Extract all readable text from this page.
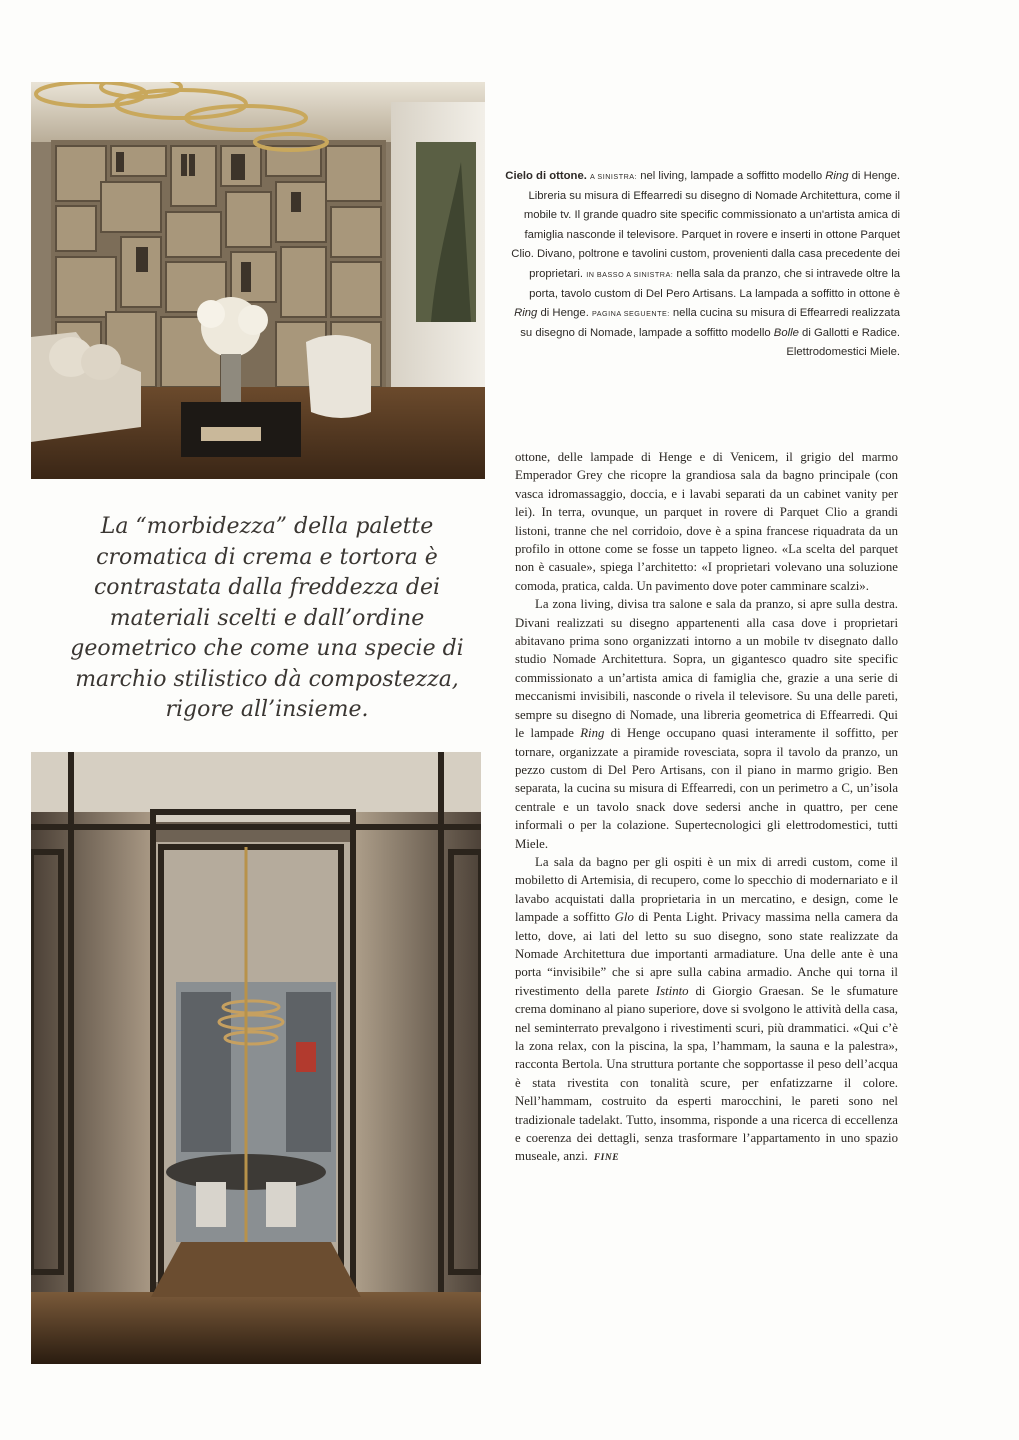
Cielo di ottone. A SINISTRA: nel living, lampade a soffitto modello Ring di Henge. Libreria su misura di Effearredi su disegno di Nomade Architettura, come il mobile tv. Il grande quadro site specific commissionato a un'artista amica di famiglia nasconde il televisore. Parquet in rovere e inserti in ottone Parquet Clio. Divano, poltrone e tavolini custom, provenienti dalla casa precedente dei proprietari. IN BASSO A SINISTRA: nella sala da pranzo, che si intravede oltre la porta, tavolo custom di Del Pero Artisans. La lampada a soffitto in ottone è Ring di Henge. PAGINA SEGUENTE: nella cucina su misura di Effearredi realizzata su disegno di Nomade, lampade a soffitto modello Bolle di Gallotti e Radice. Elettrodomestici Miele.
La “morbidezza” della palette cromatica di crema e tortora è contrastata dalla freddezza dei materiali scelti e dall’ordine geometrico che come una specie di marchio stilistico dà compostezza, rigore all’insieme.

ottone, delle lampade di Henge e di Venicem, il grigio del marmo Emperador Grey che ricopre la grandiosa sala da bagno principale (con vasca idromassaggio, doccia, e i lavabi separati da un cabinet vanity per lei). In terra, ovunque, un parquet in rovere di Parquet Clio a grandi listoni, tranne che nel corridoio, dove è a spina francese riquadrata da un profilo in ottone come se fosse un tappeto ligneo. «La scelta del parquet non è casuale», spiega l’architetto: «I proprietari volevano una soluzione comoda, pratica, calda. Un pavimento dove poter camminare scalzi».

La zona living, divisa tra salone e sala da pranzo, si apre sulla destra. Divani realizzati su disegno appartenenti alla casa dove i proprietari abitavano prima sono organizzati intorno a un mobile tv disegnato dallo studio Nomade Architettura. Sopra, un gigantesco quadro site specific commissionato a un’artista amica di famiglia che, grazie a una serie di meccanismi invisibili, nasconde o rivela il televisore. Su una delle pareti, sempre su disegno di Nomade, una libreria geometrica di Effearredi. Qui le lampade Ring di Henge occupano quasi interamente il soffitto, per tornare, organizzate a piramide rovesciata, sopra il tavolo da pranzo, un pezzo custom di Del Pero Artisans, con il piano in marmo grigio. Ben separata, la cucina su misura di Effearredi, con un perimetro a C, un’isola centrale e un tavolo snack dove sedersi anche in quattro, per cene informali o per la colazione. Supertecnologici gli elettrodomestici, tutti Miele.

La sala da bagno per gli ospiti è un mix di arredi custom, come il mobiletto di Artemisia, di recupero, come lo specchio di modernariato e il lavabo acquistati dalla proprietaria in un mercatino, e design, come le lampade a soffitto Glo di Penta Light. Privacy massima nella camera da letto, dove, ai lati del letto su suo disegno, sono state realizzate da Nomade Architettura due importanti armadiature. Una delle ante è una porta “invisibile” che si apre sulla cabina armadio. Anche qui torna il rivestimento della parete Istinto di Giorgio Graesan. Se le sfumature crema dominano al piano superiore, dove si svolgono le attività della casa, nel seminterrato prevalgono i rivestimenti scuri, più drammatici. «Qui c’è la zona relax, con la piscina, la spa, l’hammam, la sauna e la palestra», racconta Bertola. Una struttura portante che sopportasse il peso dell’acqua è stata rivestita con tonalità scure, per enfatizzarne il colore. Nell’hammam, costruito da esperti marocchini, le pareti sono nel tradizionale tadelakt. Tutto, insomma, risponde a una ricerca di eccellenza e coerenza dei dettagli, senza trasformare l’appartamento in uno spazio museale, anzi. FINE
